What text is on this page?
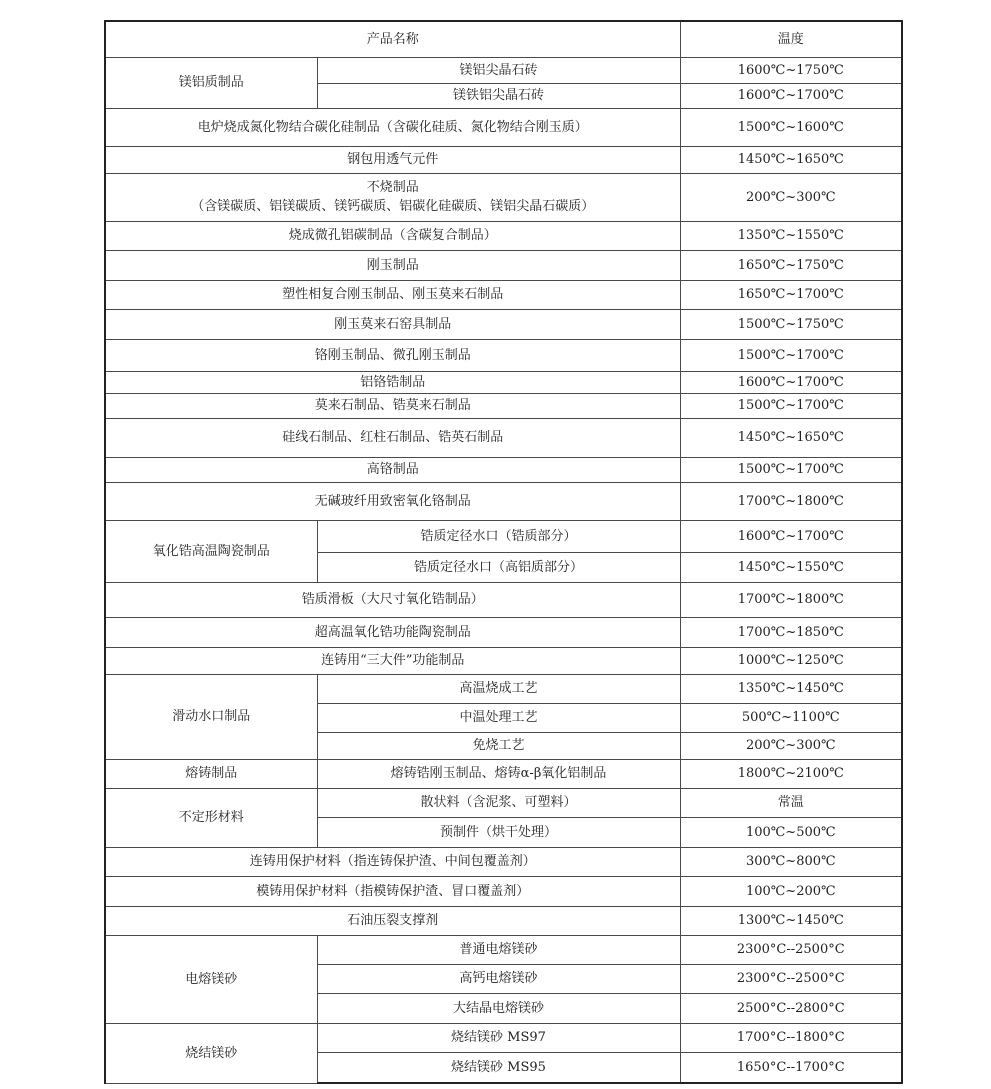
产品名称		温度
镁铝质制品	镁铝尖晶石砖	1600℃~1750℃
	镁铁铝尖晶石砖	1600℃~1700℃
电炉烧成氮化物结合碳化硅制品（含碳化硅质、氮化物结合刚玉质）		1500℃~1600℃
钢包用透气元件		1450℃~1650℃

不烧制品
（含镁碳质、铝镁碳质、镁钙碳质、铝碳化硅碳质、镁铝尖晶石碳质）		200℃~300℃
烧成微孔铝碳制品（含碳复合制品）		1350℃~1550℃
刚玉制品		1650℃~1750℃
塑性相复合刚玉制品、刚玉莫来石制品		1650℃~1700℃
刚玉莫来石窑具制品		1500℃~1750℃
铬刚玉制品、微孔刚玉制品		1500℃~1700℃
铝铬锆制品		1600℃~1700℃
莫来石制品、锆莫来石制品		1500℃~1700℃
硅线石制品、红柱石制品、锆英石制品		1450℃~1650℃
高铬制品		1500℃~1700℃
无碱玻纤用致密氧化铬制品		1700℃~1800℃
氧化锆高温陶瓷制品	锆质定径水口（锆质部分）	1600℃~1700℃
	锆质定径水口（高铝质部分）	1450℃~1550℃
锆质滑板（大尺寸氧化锆制品）		1700℃~1800℃
超高温氧化锆功能陶瓷制品		1700℃~1850℃
连铸用“三大件”功能制品		1000℃~1250℃
滑动水口制品	高温烧成工艺	1350℃~1450℃
	中温处理工艺	500℃~1100℃
	免烧工艺	200℃~300℃
熔铸制品	熔铸锆刚玉制品、熔铸α-β氧化铝制品	1800℃~2100℃
不定形材料	散状料（含泥浆、可塑料）	常温
	预制件（烘干处理）	100℃~500℃
连铸用保护材料（指连铸保护渣、中间包覆盖剂）		300℃~800℃
模铸用保护材料（指模铸保护渣、冒口覆盖剂）		100℃~200℃
石油压裂支撑剂		1300℃~1450℃
电熔镁砂	普通电熔镁砂	2300°C--2500°C
	高钙电熔镁砂	2300°C--2500°C
	大结晶电熔镁砂	2500°C--2800°C
烧结镁砂	烧结镁砂 MS97	1700°C--1800°C
	烧结镁砂 MS95	1650°C--1700°C
